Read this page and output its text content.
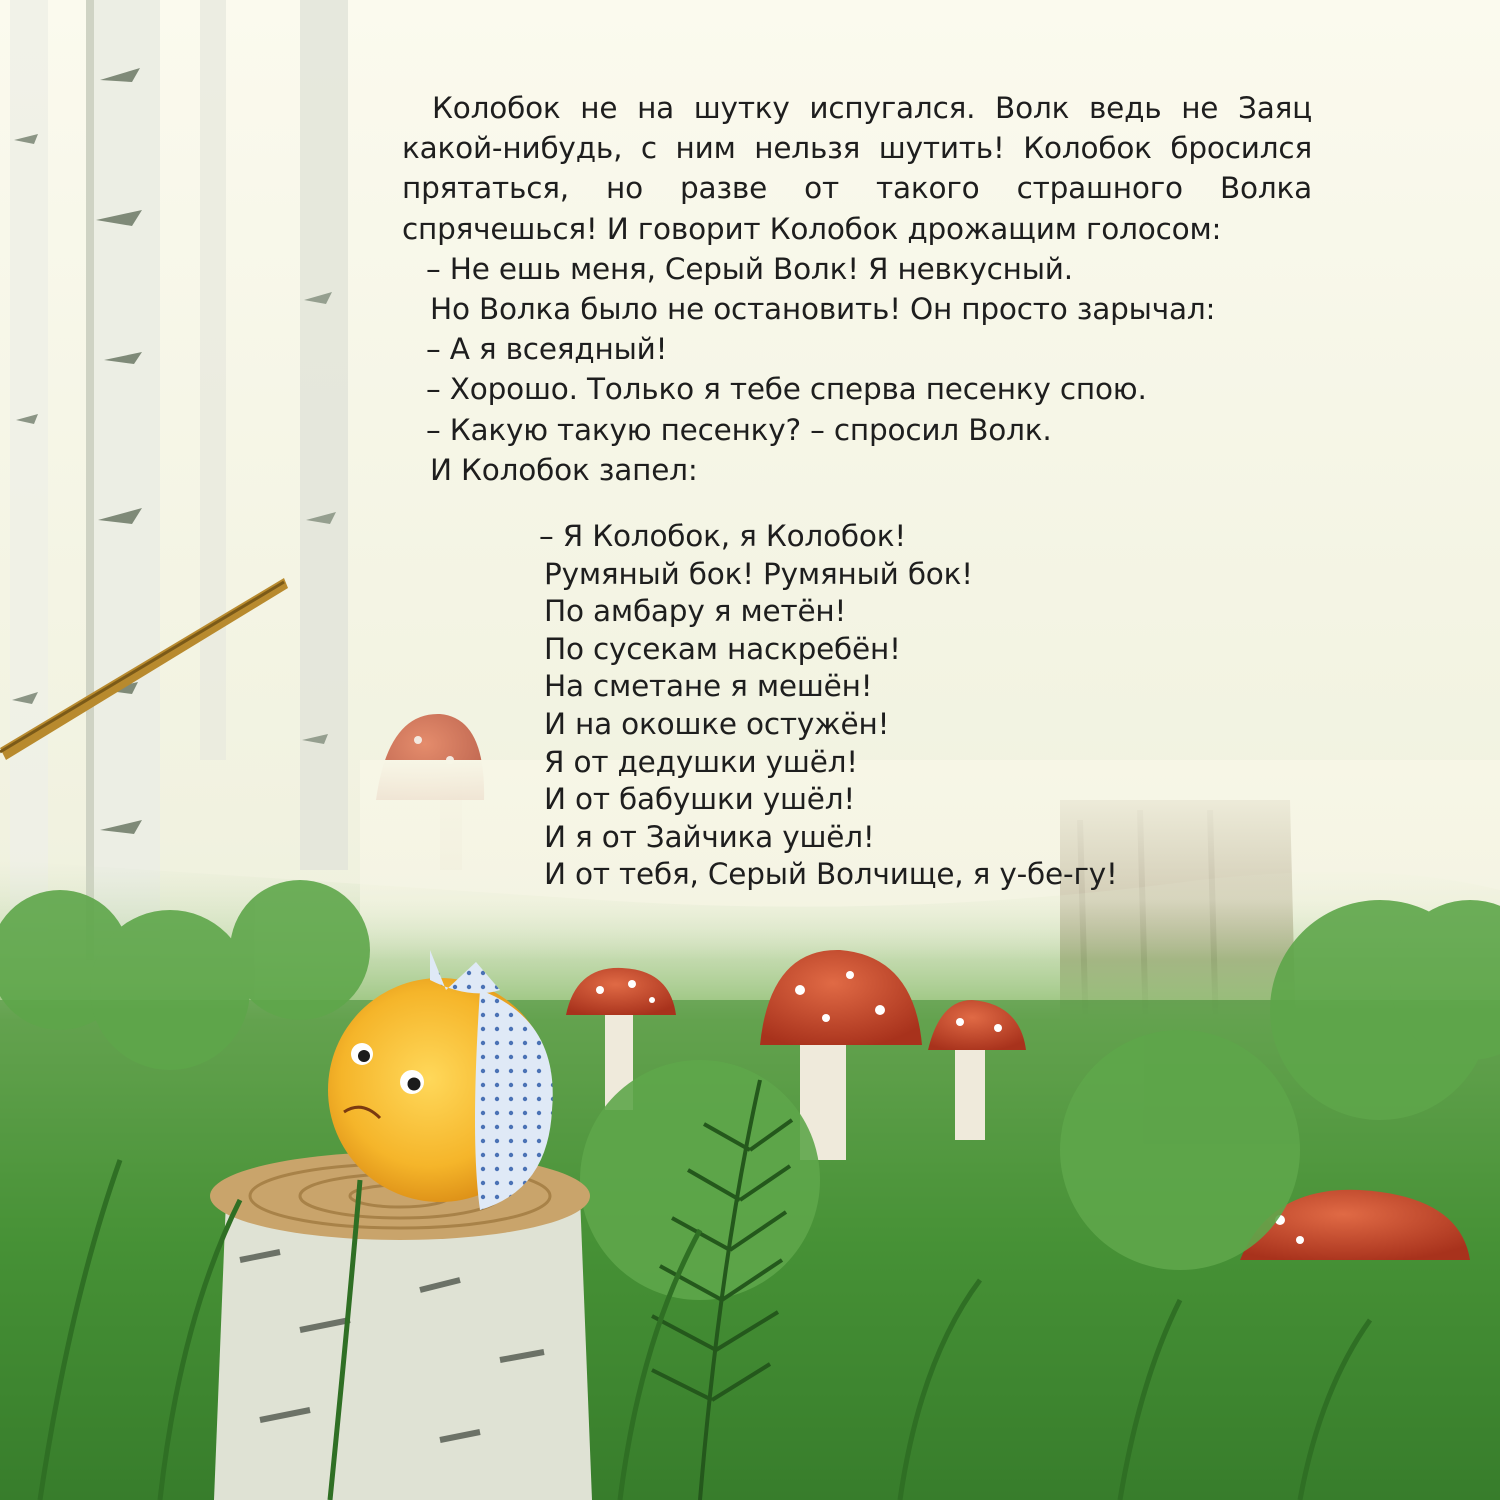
Колобок не на шутку испугался. Волк ведь не Заяц какой-нибудь, с ним нельзя шутить! Колобок бросился прятаться, но разве от такого страшного Волка спрячешься! И говорит Колобок дрожащим голосом:

– Не ешь меня, Серый Волк! Я невкусный.

Но Волка было не остановить! Он просто зарычал:

– А я всеядный!

– Хорошо. Только я тебе сперва песенку спою.

– Какую такую песенку? – спросил Волк.

И Колобок запел:

– Я Колобок, я Колобок!

Румяный бок! Румяный бок!

По амбару я метён!

По сусекам наскребён!

На сметане я мешён!

И на окошке остужён!

Я от дедушки ушёл!

И от бабушки ушёл!

И я от Зайчика ушёл!

И от тебя, Серый Волчище, я у-бе-гу!
